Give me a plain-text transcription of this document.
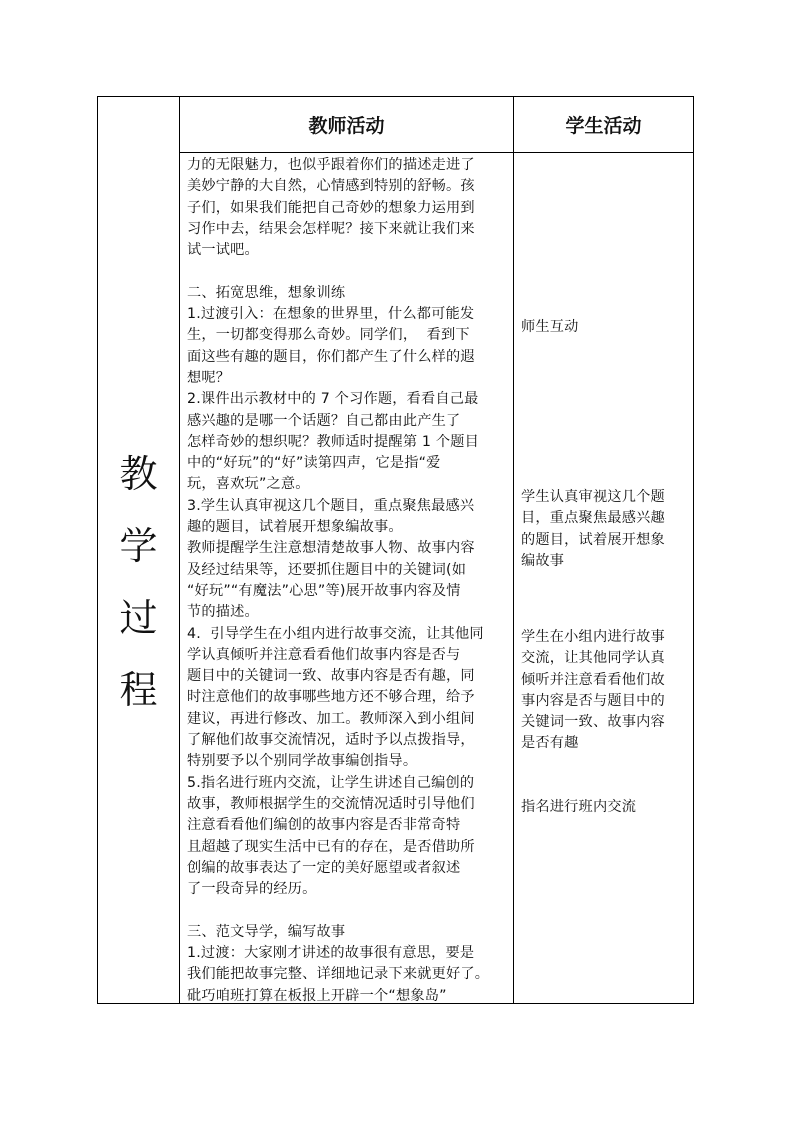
教师活动	学生活动
教
学
过
程

力的无限魅力，也似乎跟着你们的描述走进了

美妙宁静的大自然，心情感到特别的舒畅。孩

子们，如果我们能把自己奇妙的想象力运用到

习作中去，结果会怎样呢？接下来就让我们来

试一试吧。

二、拓宽思维，想象训练

1.过渡引入：在想象的世界里，什么都可能发

生，一切都变得那么奇妙。同学们，  看到下

面这些有趣的题目，你们都产生了什么样的遐

想呢？

2.课件出示教材中的 7 个习作题，看看自己最

感兴趣的是哪一个话题？自己都由此产生了

怎样奇妙的想织呢？教师适时提醒第 1 个题目

中的“好玩”的“好”读第四声，它是指“爱

玩，喜欢玩”之意。

3.学生认真审视这几个题目，重点聚焦最感兴

趣的题目，试着展开想象编故事。

教师提醒学生注意想清楚故事人物、故事内容

及经过结果等，还要抓住题目中的关键词(如

“好玩”“有魔法”心思”等)展开故事内容及情

节的描述。

4.  引导学生在小组内进行故事交流，让其他同

学认真倾听并注意看看他们故事内容是否与

题目中的关键词一致、故事内容是否有趣，同

时注意他们的故事哪些地方还不够合理，给予

建议，再进行修改、加工。教师深入到小组间

了解他们故事交流情况，适时予以点拨指导，

特别要予以个别同学故事编创指导。

5.指名进行班内交流，让学生讲述自己编创的

故事，教师根据学生的交流情况适时引导他们

注意看看他们编创的故事内容是否非常奇特

且超越了现实生活中已有的存在，是否借助所

创编的故事表达了一定的美好愿望或者叙述

了一段奇异的经历。

三、范文导学，编写故事

1.过渡：大家刚才讲述的故事很有意思，要是

我们能把故事完整、详细地记录下来就更好了。

砒巧咱班打算在板报上开辟一个“想象岛”

师生互动

学生认真审视这几个题

目，重点聚焦最感兴趣

的题目，试着展开想象

编故事

学生在小组内进行故事

交流，让其他同学认真

倾听并注意看看他们故

事内容是否与题目中的

关键词一致、故事内容

是否有趣

指名进行班内交流
